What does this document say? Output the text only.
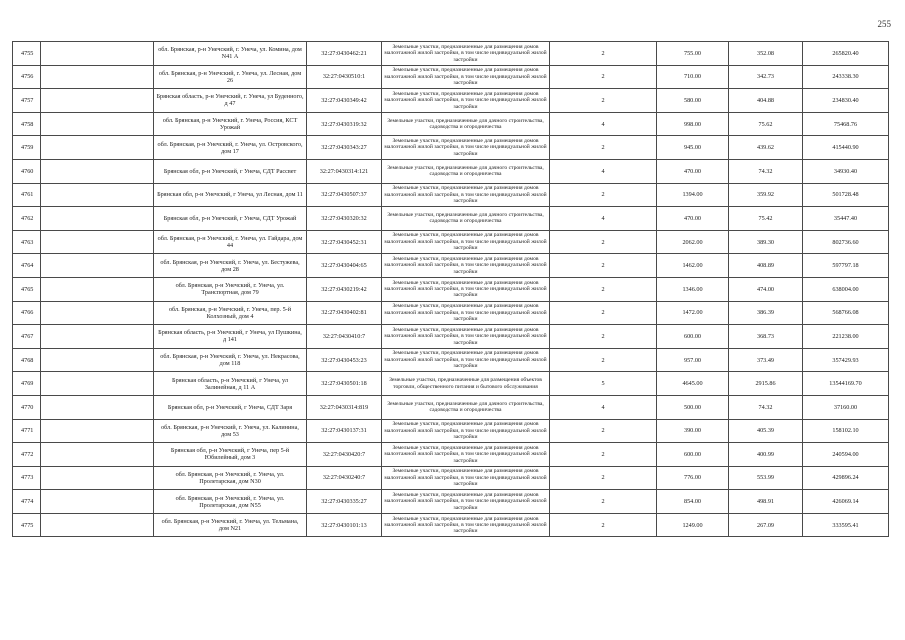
255
4755		обл. Брянская, р-н Унечский, г. Унеча, ул. Комина, дом N41 А	32:27:0430462:21	Земельные участки, предназначенные для размещения домов малоэтажной жилой застройки, в том числе индивидуальной жилой застройки	2	755.00	352.08	265820.40
4756		обл. Брянская, р-н Унечский, г. Унеча, ул. Лесная, дом 26	32:27:0430510:1	Земельные участки, предназначенные для размещения домов малоэтажной жилой застройки, в том числе индивидуальной жилой застройки	2	710.00	342.73	243338.30
4757		Брянская область, р-н Унечский, г. Унеча, ул Буденного, д 47	32:27:0430349:42	Земельные участки, предназначенные для размещения домов малоэтажной жилой застройки, в том числе индивидуальной жилой застройки	2	580.00	404.88	234830.40
4758		обл. Брянская, р-н Унечский, г. Унеча, Россия, КСТ Урожай	32:27:0430319:32	Земельные участки, предназначенные для дачного строительства, садоводства и огородничества	4	998.00	75.62	75468.76
4759		обл. Брянская, р-н Унечский, г. Унеча, ул. Островского, дом 17	32:27:0430343:27	Земельные участки, предназначенные для размещения домов малоэтажной жилой застройки, в том числе индивидуальной жилой застройки	2	945.00	439.62	415440.90
4760		Брянская обл, р-н Унечский, г Унеча, СДТ Рассвет	32:27:0430314:121	Земельные участки, предназначенные для дачного строительства, садоводства и огородничества	4	470.00	74.32	34930.40
4761		Брянская обл, р-н Унечский, г Унеча, ул Лесная, дом 11	32:27:0430507:37	Земельные участки, предназначенные для размещения домов малоэтажной жилой застройки, в том числе индивидуальной жилой застройки	2	1394.00	359.92	501728.48
4762		Брянская обл, р-н Унечский, г Унеча, СДТ Урожай	32:27:0430320:32	Земельные участки, предназначенные для дачного строительства, садоводства и огородничества	4	470.00	75.42	35447.40
4763		обл. Брянская, р-н Унечский, г. Унеча, ул. Гайдара, дом 44	32:27:0430452:31	Земельные участки, предназначенные для размещения домов малоэтажной жилой застройки, в том числе индивидуальной жилой застройки	2	2062.00	389.30	802736.60
4764		обл. Брянская, р-н Унечский, г. Унеча, ул. Бестужева, дом 28	32:27:0430404:65	Земельные участки, предназначенные для размещения домов малоэтажной жилой застройки, в том числе индивидуальной жилой застройки	2	1462.00	408.89	597797.18
4765		обл. Брянская, р-н Унечский, г. Унеча, ул. Транспортная, дом 79	32:27:0430219:42	Земельные участки, предназначенные для размещения домов малоэтажной жилой застройки, в том числе индивидуальной жилой застройки	2	1346.00	474.00	638004.00
4766		обл. Брянская, р-н Унечский, г. Унеча, пер. 5-й Колхозный, дом 4	32:27:0430402:81	Земельные участки, предназначенные для размещения домов малоэтажной жилой застройки, в том числе индивидуальной жилой застройки	2	1472.00	386.39	568766.08
4767		Брянская область, р-н Унечский, г Унеча, ул Пушкина, д 141	32:27:0430410:7	Земельные участки, предназначенные для размещения домов малоэтажной жилой застройки, в том числе индивидуальной жилой застройки	2	600.00	368.73	221238.00
4768		обл. Брянская, р-н Унечский, г. Унеча, ул. Некрасова, дом 118	32:27:0430453:23	Земельные участки, предназначенные для размещения домов малоэтажной жилой застройки, в том числе индивидуальной жилой застройки	2	957.00	373.49	357429.93
4769		Брянская область, р-н Унечский, г Унеча, ул Залинейная, д 11 А	32:27:0430501:18	Земельные участки, предназначенные для размещения объектов торговли, общественного питания и бытового обслуживания	5	4645.00	2915.86	13544169.70
4770		Брянская обл, р-н Унечский, г Унеча, СДТ Заря	32:27:0430314:819	Земельные участки, предназначенные для дачного строительства, садоводства и огородничества	4	500.00	74.32	37160.00
4771		обл. Брянская, р-н Унечский, г. Унеча, ул. Калинина, дом 53	32:27:0430137:31	Земельные участки, предназначенные для размещения домов малоэтажной жилой застройки, в том числе индивидуальной жилой застройки	2	390.00	405.39	158102.10
4772		Брянская обл, р-н Унечский, г Унеча, пер 5-й Юбилейный, дом 3	32:27:0430420:7	Земельные участки, предназначенные для размещения домов малоэтажной жилой застройки, в том числе индивидуальной жилой застройки	2	600.00	400.99	240594.00
4773		обл. Брянская, р-н Унечский, г. Унеча, ул. Пролетарская, дом N30	32:27:0430240:7	Земельные участки, предназначенные для размещения домов малоэтажной жилой застройки, в том числе индивидуальной жилой застройки	2	776.00	553.99	429896.24
4774		обл. Брянская, р-н Унечский, г. Унеча, ул. Пролетарская, дом N55	32:27:0430335:27	Земельные участки, предназначенные для размещения домов малоэтажной жилой застройки, в том числе индивидуальной жилой застройки	2	854.00	498.91	426069.14
4775		обл. Брянская, р-н Унечский, г. Унеча, ул. Тельмана, дом N21	32:27:0430101:13	Земельные участки, предназначенные для размещения домов малоэтажной жилой застройки, в том числе индивидуальной жилой застройки	2	1249.00	267.09	333595.41
